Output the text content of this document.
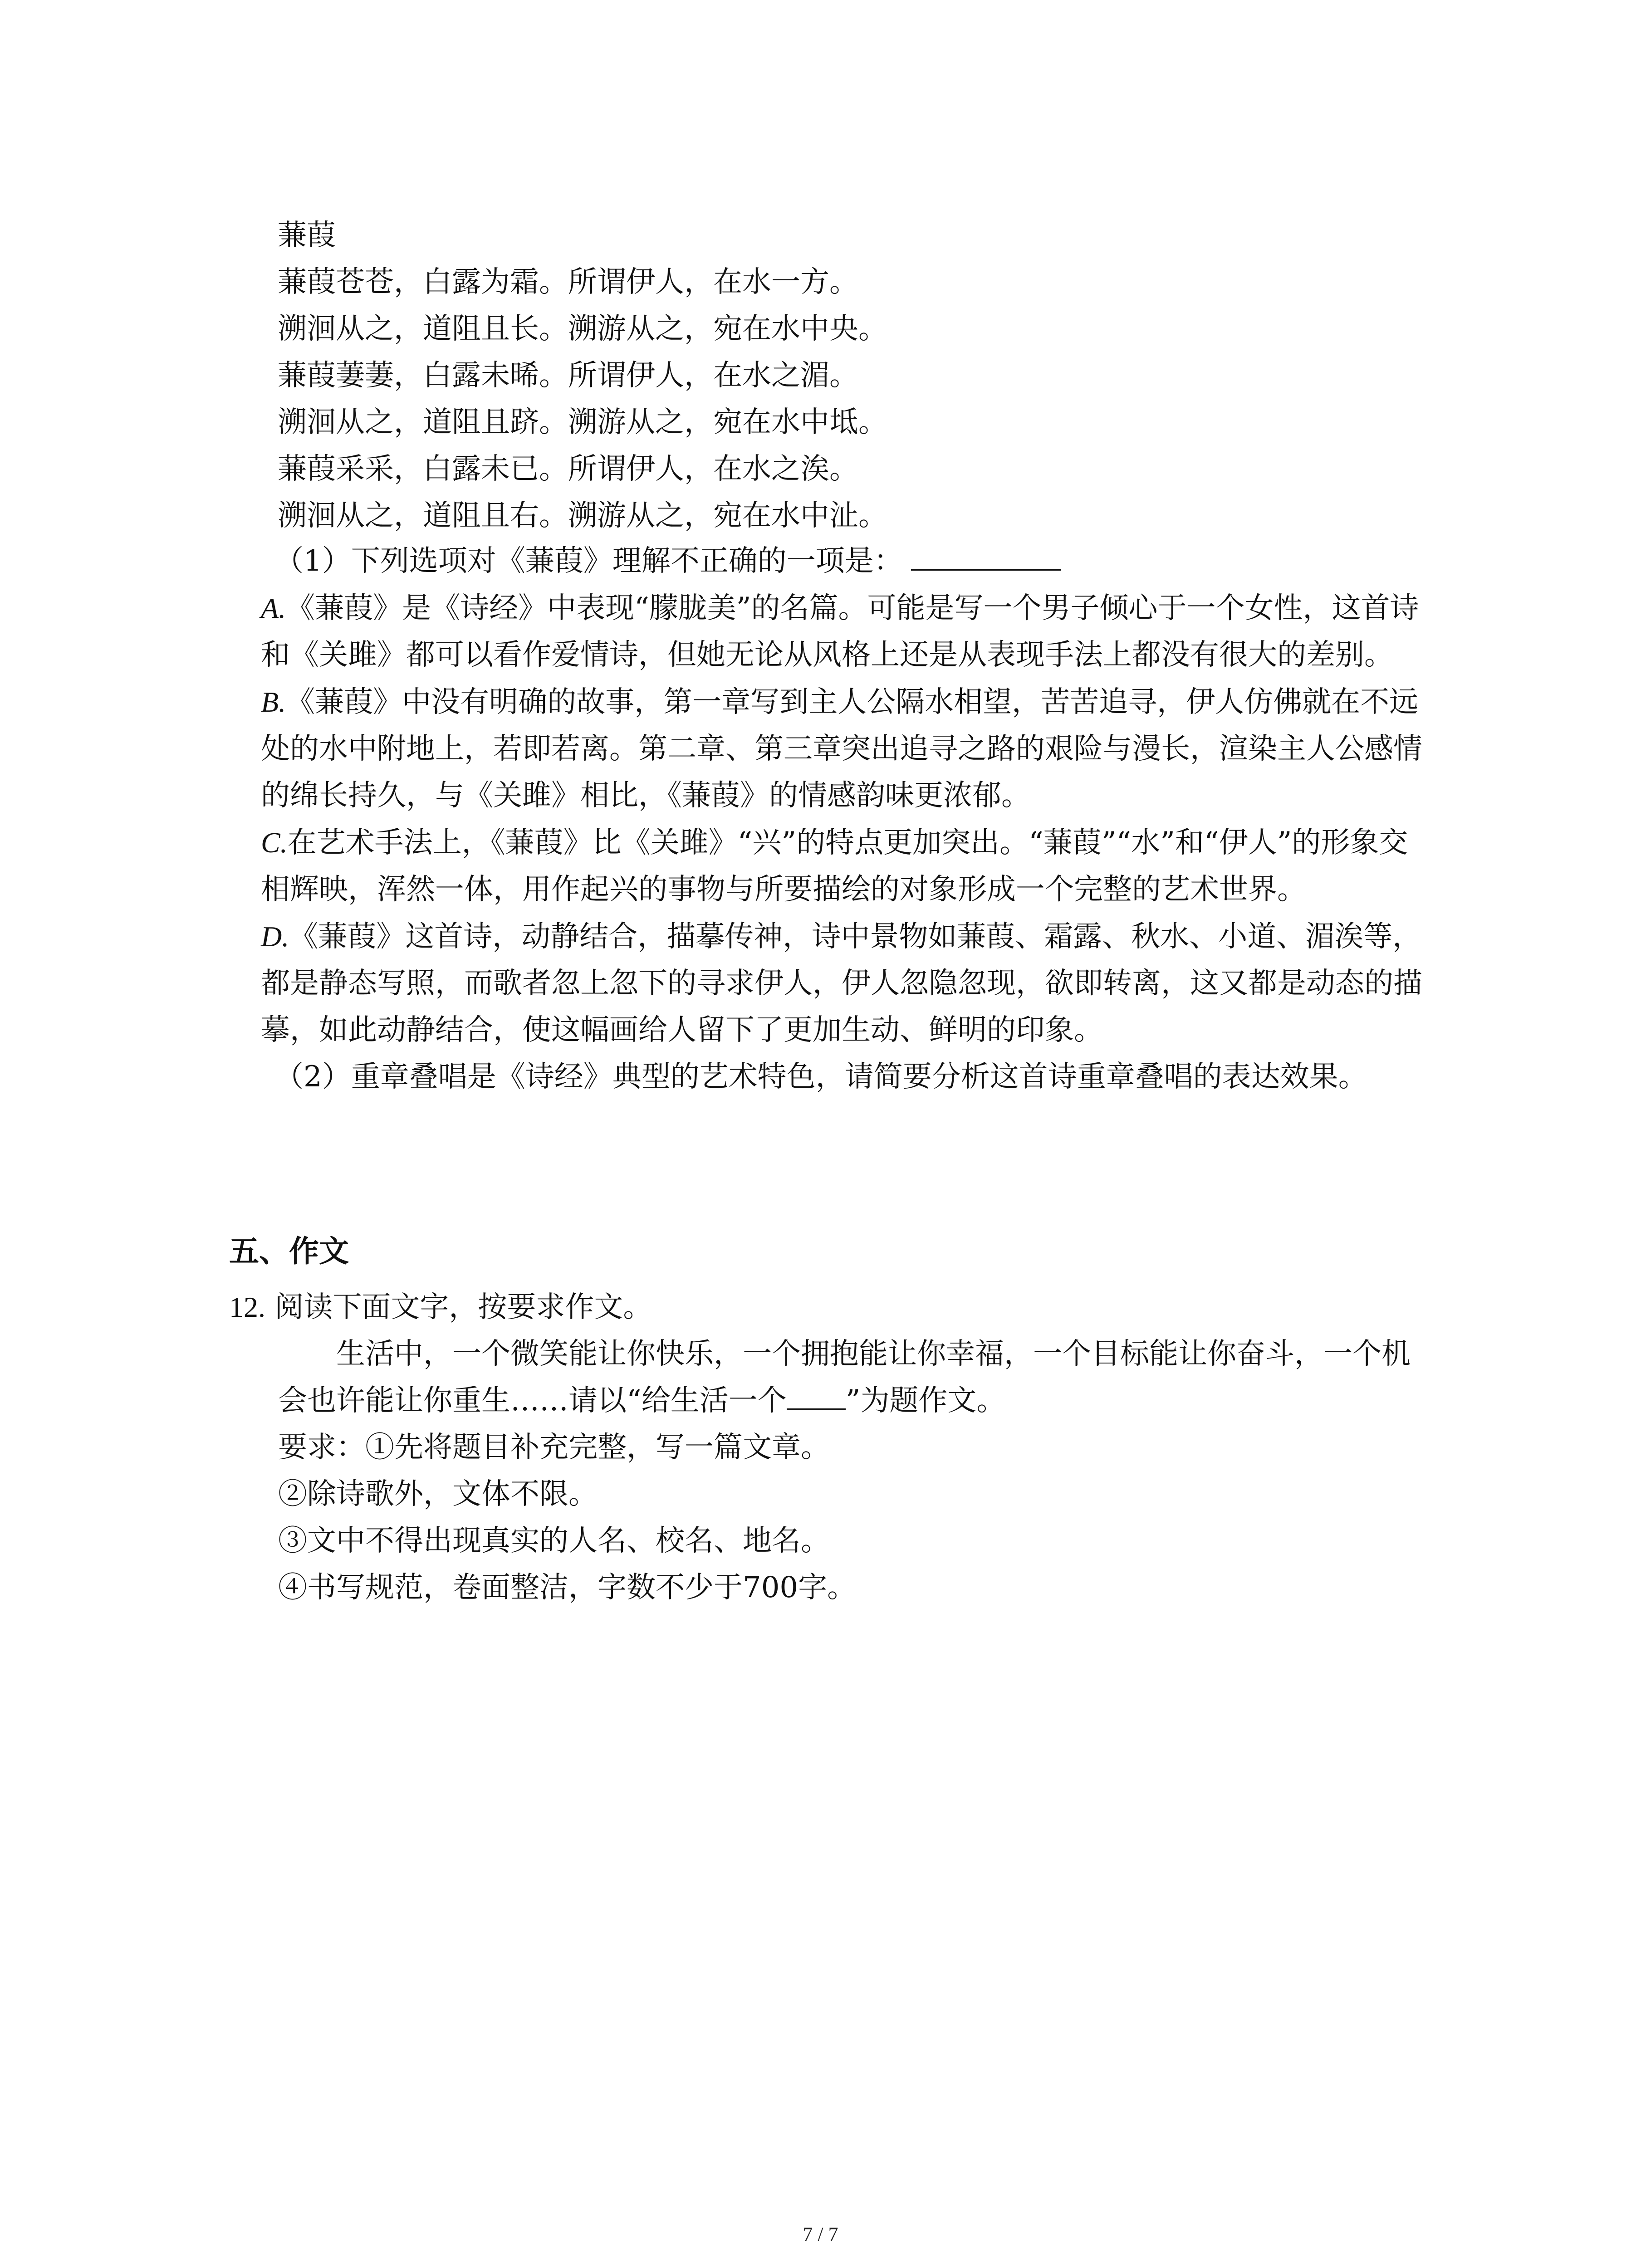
蒹葭
蒹葭苍苍，白露为霜。所谓伊人，在水一方。
溯洄从之，道阻且长。溯游从之，宛在水中央。
蒹葭萋萋，白露未晞。所谓伊人，在水之湄。
溯洄从之，道阻且跻。溯游从之，宛在水中坻。
蒹葭采采，白露未已。所谓伊人，在水之涘。
溯洄从之，道阻且右。溯游从之，宛在水中沚。
（1）下列选项对《蒹葭》理解不正确的一项是：
A.《蒹葭》是《诗经》中表现“朦胧美”的名篇。可能是写一个男子倾心于一个女性，这首诗和《关雎》都可以看作爱情诗，但她无论从风格上还是从表现手法上都没有很大的差别。
B.《蒹葭》中没有明确的故事，第一章写到主人公隔水相望，苦苦追寻，伊人仿佛就在不远处的水中附地上，若即若离。第二章、第三章突出追寻之路的艰险与漫长，渲染主人公感情的绵长持久，与《关雎》相比，《蒹葭》的情感韵味更浓郁。
C.在艺术手法上，《蒹葭》比《关雎》“兴”的特点更加突出。“蒹葭”“水”和“伊人”的形象交相辉映，浑然一体，用作起兴的事物与所要描绘的对象形成一个完整的艺术世界。
D.《蒹葭》这首诗，动静结合，描摹传神，诗中景物如蒹葭、霜露、秋水、小道、湄涘等，都是静态写照，而歌者忽上忽下的寻求伊人，伊人忽隐忽现，欲即转离，这又都是动态的描摹，如此动静结合，使这幅画给人留下了更加生动、鲜明的印象。
（2）重章叠唱是《诗经》典型的艺术特色，请简要分析这首诗重章叠唱的表达效果。
五、作文
12. 阅读下面文字，按要求作文。
生活中，一个微笑能让你快乐，一个拥抱能让你幸福，一个目标能让你奋斗，一个机会也许能让你重生……请以“给生活一个 ”为题作文。
要求：①先将题目补充完整，写一篇文章。
②除诗歌外，文体不限。
③文中不得出现真实的人名、校名、地名。
④书写规范，卷面整洁，字数不少于700字。
7 / 7
